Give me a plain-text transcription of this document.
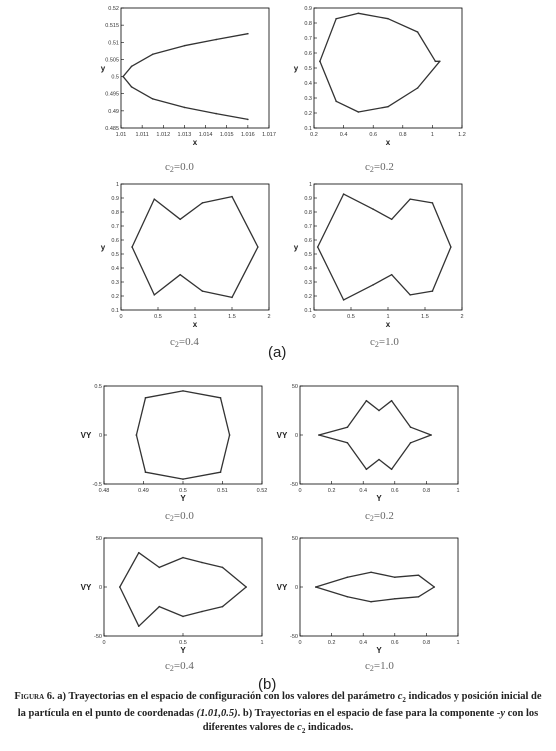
1.01 1.011 1.012 1.013 1.014 1.015 1.016 1.017
0.485
0.49
0.495
0.5
0.505
0.51
0.515
0.52
x
y
$c_2=0.0$
0.2	0.4	0.6	0.8	1	1.2
0.1
0.2
0.3
0.4
0.5
0.6
0.7
0.8
0.9
x
y
$c_2=0.2$
0	0.5	1	1.5	2
0.1
0.2
0.3
0.4
0.5
0.6
0.7
0.8
0.9
1
x
y
$c_2=0.4$
0	0.5	1	1.5	2
0.1
0.2
0.3
0.4
0.5
0.6
0.7
0.8
0.9
1
x
y
$c_2=1.0$
(a)
0.48	0.49	0.5	0.51	0.52
-0.5
0
0.5
Y
VY
$c_2=0.0$
0	0.2	0.4	0.6	0.8	1
-50
0
50
Y
VY
$c_2=0.2$
0	0.5	1
-50
0
50
Y
VY
$c_2=0.4$
0	0.2	0.4	0.6	0.8	1
-50
0
50
Y
VY
$c_2=1.0$
(b)
Figura 6. a) Trayectorias en el espacio de configuración con los valores del parámetro $c_2$ indicados y posición inicial de la partícula en el punto de coordenadas (1.01,0.5). b) Trayectorias en el espacio de fase para la componente -y con los diferentes valores de $c_2$ indicados.
